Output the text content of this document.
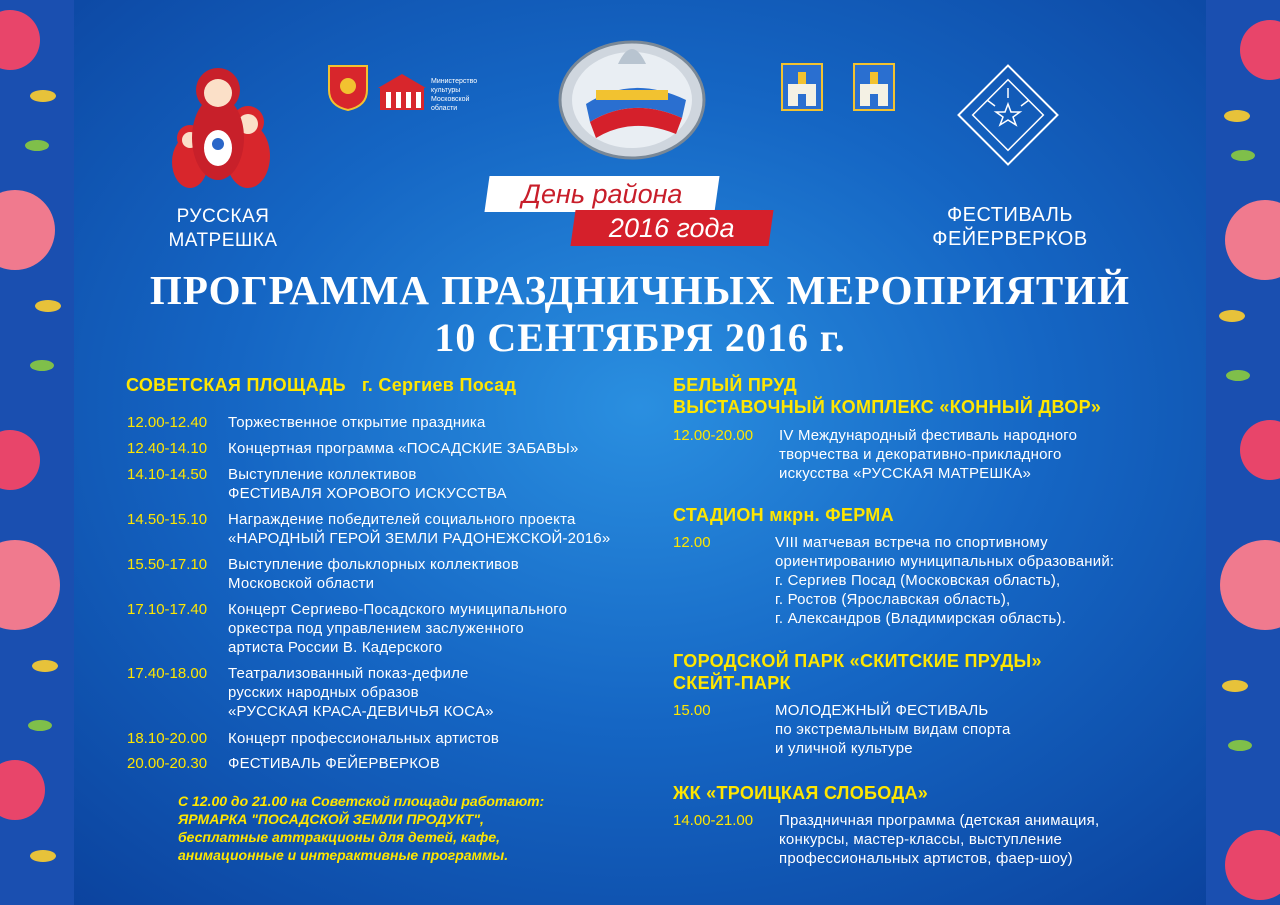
РУССКАЯ
МАТРЕШКА
Министерство
культуры
Московской
области
День района
2016 года	ФЕСТИВАЛЬ
ФЕЙЕРВЕРКОВ
ПРОГРАММА ПРАЗДНИЧНЫХ МЕРОПРИЯТИЙ
10 СЕНТЯБРЯ 2016 г.
СОВЕТСКАЯ ПЛОЩАДЬ   г. Сергиев Посад
12.00-12.40 Торжественное открытие праздника
12.40-14.10 Концертная программа «ПОСАДСКИЕ ЗАБАВЫ»
14.10-14.50 Выступление коллективов
ФЕСТИВАЛЯ ХОРОВОГО ИСКУССТВА
14.50-15.10 Награждение победителей социального проекта
«НАРОДНЫЙ ГЕРОЙ ЗЕМЛИ РАДОНЕЖСКОЙ-2016»
15.50-17.10 Выступление фольклорных коллективов
Московской области
17.10-17.40 Концерт Сергиево-Посадского муниципального
оркестра под управлением заслуженного
артиста России В. Кадерского
17.40-18.00 Театрализованный показ-дефиле
русских народных образов
«РУССКАЯ КРАСА-ДЕВИЧЬЯ КОСА»
18.10-20.00 Концерт профессиональных артистов
20.00-20.30 ФЕСТИВАЛЬ ФЕЙЕРВЕРКОВ
С 12.00 до 21.00 на Советской площади работают:
ЯРМАРКА "ПОСАДСКОЙ ЗЕМЛИ ПРОДУКТ",
бесплатные аттракционы для детей, кафе,
анимационные и интерактивные программы.
БЕЛЫЙ ПРУД
ВЫСТАВОЧНЫЙ КОМПЛЕКС «КОННЫЙ ДВОР»
12.00-20.00 IV Международный фестиваль народного
творчества и декоративно-прикладного
искусства «РУССКАЯ МАТРЕШКА»
СТАДИОН мкрн. ФЕРМА
12.00	VIII матчевая встреча по спортивному
ориентированию муниципальных образований:
г. Сергиев Посад (Московская область),
г. Ростов (Ярославская область),
г. Александров (Владимирская область).
ГОРОДСКОЙ ПАРК «СКИТСКИЕ ПРУДЫ»
СКЕЙТ-ПАРК
15.00	МОЛОДЕЖНЫЙ ФЕСТИВАЛЬ
по экстремальным видам спорта
и уличной культуре
ЖК «ТРОИЦКАЯ СЛОБОДА»
14.00-21.00 Праздничная программа (детская анимация,
конкурсы, мастер-классы, выступление
профессиональных артистов, фаер-шоу)
